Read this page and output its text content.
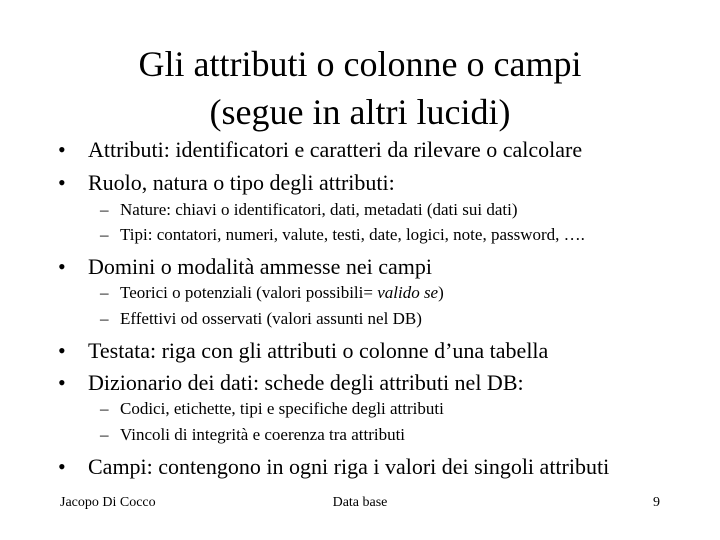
Gli attributi o colonne o campi
(segue in altri lucidi)
• Attributi: identificatori e caratteri da rilevare o calcolare
• Ruolo, natura o tipo degli attributi:
– Nature: chiavi o identificatori, dati, metadati (dati sui dati)
– Tipi: contatori, numeri, valute, testi, date, logici, note, password, ….
• Domini o modalità ammesse nei campi
– Teorici o potenziali (valori possibili= valido se)
– Effettivi od osservati (valori assunti nel DB)
• Testata: riga con gli attributi o colonne d’una tabella
• Dizionario dei dati: schede degli attributi nel DB:
– Codici, etichette, tipi e specifiche degli attributi
– Vincoli di integrità e coerenza tra attributi
• Campi: contengono in ogni riga i valori dei singoli attributi
Jacopo Di Cocco	Data base	9
